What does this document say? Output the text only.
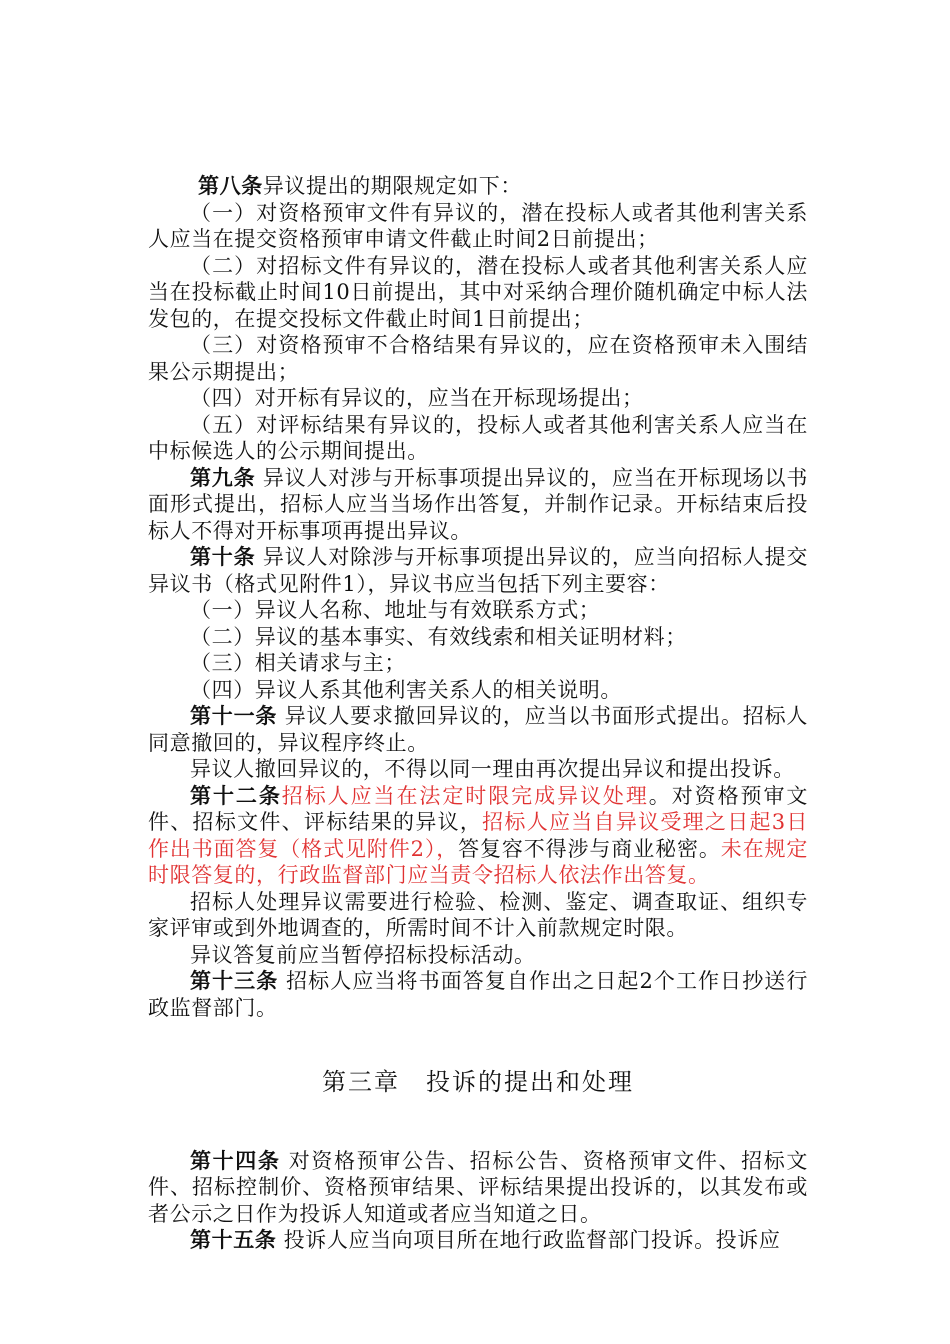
第八条异议提出的期限规定如下：

（一）对资格预审文件有异议的，潜在投标人或者其他利害关系人应当在提交资格预审申请文件截止时间2日前提出；

（二）对招标文件有异议的，潜在投标人或者其他利害关系人应当在投标截止时间10日前提出，其中对采纳合理价随机确定中标人法发包的，在提交投标文件截止时间1日前提出；

（三）对资格预审不合格结果有异议的，应在资格预审未入围结果公示期提出；

（四）对开标有异议的，应当在开标现场提出；

（五）对评标结果有异议的，投标人或者其他利害关系人应当在中标候选人的公示期间提出。

第九条 异议人对涉与开标事项提出异议的，应当在开标现场以书面形式提出，招标人应当当场作出答复，并制作记录。开标结束后投标人不得对开标事项再提出异议。

第十条 异议人对除涉与开标事项提出异议的，应当向招标人提交异议书（格式见附件1），异议书应当包括下列主要容：

（一）异议人名称、地址与有效联系方式；

（二）异议的基本事实、有效线索和相关证明材料；

（三）相关请求与主；

（四）异议人系其他利害关系人的相关说明。

第十一条 异议人要求撤回异议的，应当以书面形式提出。招标人同意撤回的，异议程序终止。

异议人撤回异议的，不得以同一理由再次提出异议和提出投诉。

第十二条招标人应当在法定时限完成异议处理。对资格预审文件、招标文件、评标结果的异议，招标人应当自异议受理之日起3日作出书面答复（格式见附件2），答复容不得涉与商业秘密。未在规定时限答复的，行政监督部门应当责令招标人依法作出答复。

招标人处理异议需要进行检验、检测、鉴定、调查取证、组织专家评审或到外地调查的，所需时间不计入前款规定时限。

异议答复前应当暂停招标投标活动。

第十三条 招标人应当将书面答复自作出之日起2个工作日抄送行政监督部门。

第三章　投诉的提出和处理

第十四条 对资格预审公告、招标公告、资格预审文件、招标文件、招标控制价、资格预审结果、评标结果提出投诉的，以其发布或者公示之日作为投诉人知道或者应当知道之日。

第十五条 投诉人应当向项目所在地行政监督部门投诉。投诉应
